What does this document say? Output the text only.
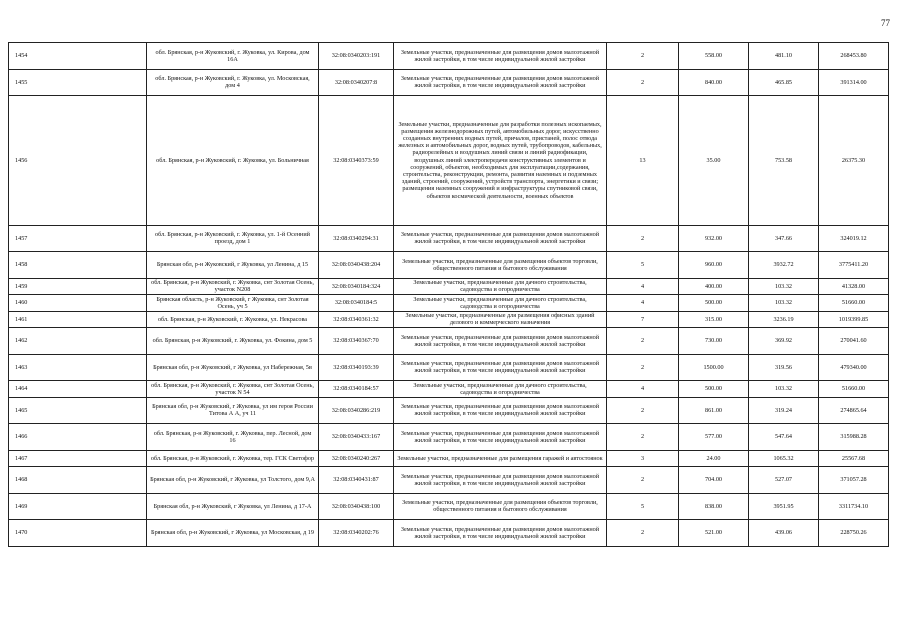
77
1454	обл. Брянская, р-н Жуковский, г. Жуковка, ул. Кирова, дом 16А	32:08:0340203:191	Земельные участки, предназначенные для размещения домов малоэтажной жилой застройки, в том числе индивидуальной жилой застройки	2	558.00	481.10	268453.80
1455	обл. Брянская, р-н Жуковский, г. Жуковка, ул. Московская, дом 4	32:08:0340207:8	Земельные участки, предназначенные для размещения домов малоэтажной жилой застройки, в том числе индивидуальной жилой застройки	2	840.00	465.85	391314.00
1456	обл. Брянская, р-н Жуковский, г. Жуковка, ул. Больничная	32:08:0340373:59	Земельные участки, предназначенные для разработки полезных ископаемых, размещения железнодорожных путей, автомобильных дорог, искусственно созданных внутренних водных путей, причалов, пристаней, полос отвода железных и автомобильных дорог, водных путей, трубопроводов, кабельных, радиорелейных и воздушных линий связи и линий радиофикации, воздушных линий электропередачи конструктивных элементов и сооружений, объектов, необходимых для эксплуатации,содержания, строительства, реконструкции, ремонта, развития наземных и подземных зданий, строений, сооружений, устройств транспорта, энергетики и связи; размещения наземных сооружений и инфраструктуры спутниковой связи, объектов космической деятельности, военных объектов	13	35.00	753.58	26375.30
1457	обл. Брянская, р-н Жуковский, г. Жуковка, ул. 1-й Осенний проезд, дом 1	32:08:0340294:31	Земельные участки, предназначенные для размещения домов малоэтажной жилой застройки, в том числе индивидуальной жилой застройки	2	932.00	347.66	324019.12
1458	Брянская обл, р-н Жуковский, г Жуковка, ул Ленина, д 15	32:08:0340438:204	Земельные участки, предназначенные для размещения объектов торговли, общественного питания и бытового обслуживания	5	960.00	3932.72	3775411.20
1459	обл. Брянская, р-н Жуковский, г. Жуковка, снт Золотая Осень, участок N208	32:08:0340184:324	Земельные участки, предназначенные для дачного строительства, садоводства и огородничества	4	400.00	103.32	41328.00
1460	Брянская область, р-н Жуковский, г Жуковка, снт Золотая Осень, уч 5	32:08:0340184:5	Земельные участки, предназначенные для дачного строительства, садоводства и огородничества	4	500.00	103.32	51660.00
1461	обл. Брянская, р-н Жуковский, г. Жуковка, ул. Некрасова	32:08:0340361:32	Земельные участки, предназначенные для размещения офисных зданий делового и коммерческого назначения	7	315.00	3236.19	1019399.85
1462	обл. Брянская, р-н Жуковский, г. Жуковка, ул. Фокина, дом 5	32:08:0340367:70	Земельные участки, предназначенные для размещения домов малоэтажной жилой застройки, в том числе индивидуальной жилой застройки	2	730.00	369.92	270041.60
1463	Брянская обл, р-н Жуковский, г Жуковка, ул Набережная, 5в	32:08:0340193:39	Земельные участки, предназначенные для размещения домов малоэтажной жилой застройки, в том числе индивидуальной жилой застройки	2	1500.00	319.56	479340.00
1464	обл. Брянская, р-н Жуковский, г. Жуковка, снт Золотая Осень, участок N 54	32:08:0340184:57	Земельные участки, предназначенные для дачного строительства, садоводства и огородничества	4	500.00	103.32	51660.00
1465	Брянская обл, р-н Жуковский, г Жуковка, ул им героя России Титова А А, уч 11	32:08:0340286:219	Земельные участки, предназначенные для размещения домов малоэтажной жилой застройки, в том числе индивидуальной жилой застройки	2	861.00	319.24	274865.64
1466	обл. Брянская, р-н Жуковский, г. Жуковка, пер. Лесной, дом 16	32:08:0340433:167	Земельные участки, предназначенные для размещения домов малоэтажной жилой застройки, в том числе индивидуальной жилой застройки	2	577.00	547.64	315988.28
1467	обл. Брянская, р-н Жуковский, г. Жуковка, тер. ГСК Светофор	32:08:0340240:267	Земельные участки, предназначенные для размещения гаражей и автостоянок	3	24.00	1065.32	25567.68
1468	Брянская обл, р-н Жуковский, г Жуковка, ул Толстого, дом 9,А	32:08:0340431:87	Земельные участки, предназначенные для размещения домов малоэтажной жилой застройки, в том числе индивидуальной жилой застройки	2	704.00	527.07	371057.28
1469	Брянская обл, р-н Жуковский, г Жуковка, ул Ленина, д 17-А	32:08:0340438:100	Земельные участки, предназначенные для размещения объектов торговли, общественного питания и бытового обслуживания	5	838.00	3951.95	3311734.10
1470	Брянская обл, р-н Жуковский, г Жуковка, ул Московская, д 19	32:08:0340202:76	Земельные участки, предназначенные для размещения домов малоэтажной жилой застройки, в том числе индивидуальной жилой застройки	2	521.00	439.06	228750.26
